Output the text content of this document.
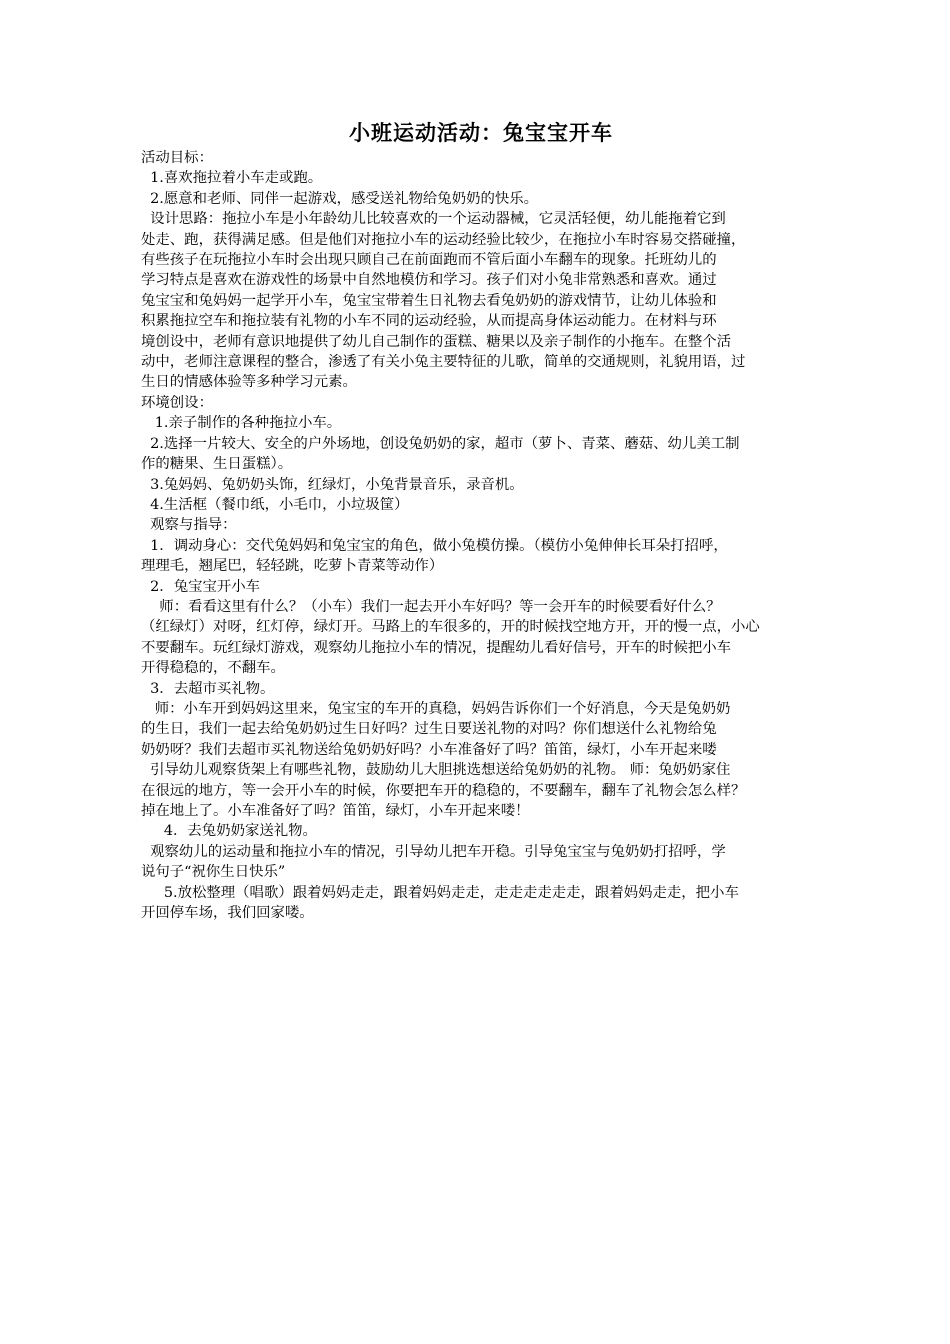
小班运动活动：兔宝宝开车

活动目标：

1.喜欢拖拉着小车走或跑。

2.愿意和老师、同伴一起游戏，感受送礼物给兔奶奶的快乐。

设计思路：拖拉小车是小年龄幼儿比较喜欢的一个运动器械，它灵活轻便，幼儿能拖着它到

处走、跑，获得满足感。但是他们对拖拉小车的运动经验比较少，在拖拉小车时容易交搭碰撞，

有些孩子在玩拖拉小车时会出现只顾自己在前面跑而不管后面小车翻车的现象。托班幼儿的

学习特点是喜欢在游戏性的场景中自然地模仿和学习。孩子们对小兔非常熟悉和喜欢。通过

兔宝宝和兔妈妈一起学开小车，兔宝宝带着生日礼物去看兔奶奶的游戏情节，让幼儿体验和

积累拖拉空车和拖拉装有礼物的小车不同的运动经验，从而提高身体运动能力。在材料与环

境创设中，老师有意识地提供了幼儿自己制作的蛋糕、糖果以及亲子制作的小拖车。在整个活

动中，老师注意课程的整合，渗透了有关小兔主要特征的儿歌，简单的交通规则，礼貌用语，过

生日的情感体验等多种学习元素。

环境创设：

1.亲子制作的各种拖拉小车。

2.选择一片较大、安全的户外场地，创设兔奶奶的家，超市（萝卜、青菜、蘑菇、幼儿美工制

作的糖果、生日蛋糕）。

3.兔妈妈、兔奶奶头饰，红绿灯，小兔背景音乐，录音机。

4.生活框（餐巾纸，小毛巾，小垃圾筐）

观察与指导：

1．调动身心：交代兔妈妈和兔宝宝的角色，做小兔模仿操。（模仿小兔伸伸长耳朵打招呼，

理理毛，翘尾巴，轻轻跳，吃萝卜青菜等动作）

2．兔宝宝开小车

师：看看这里有什么？（小车）我们一起去开小车好吗？等一会开车的时候要看好什么？

（红绿灯）对呀，红灯停，绿灯开。马路上的车很多的，开的时候找空地方开，开的慢一点，小心

不要翻车。玩红绿灯游戏，观察幼儿拖拉小车的情况，提醒幼儿看好信号，开车的时候把小车

开得稳稳的，不翻车。

3．去超市买礼物。

师：小车开到妈妈这里来，兔宝宝的车开的真稳，妈妈告诉你们一个好消息，今天是兔奶奶

的生日，我们一起去给兔奶奶过生日好吗？过生日要送礼物的对吗？你们想送什么礼物给兔

奶奶呀？我们去超市买礼物送给兔奶奶好吗？小车准备好了吗？笛笛，绿灯，小车开起来喽

引导幼儿观察货架上有哪些礼物，鼓励幼儿大胆挑选想送给兔奶奶的礼物。 师：兔奶奶家住

在很远的地方，等一会开小车的时候，你要把车开的稳稳的，不要翻车，翻车了礼物会怎么样？

掉在地上了。小车准备好了吗？笛笛，绿灯，小车开起来喽！

4．去兔奶奶家送礼物。

观察幼儿的运动量和拖拉小车的情况，引导幼儿把车开稳。引导兔宝宝与兔奶奶打招呼，学

说句子“祝你生日快乐”

5.放松整理（唱歌）跟着妈妈走走，跟着妈妈走走，走走走走走走，跟着妈妈走走，把小车

开回停车场，我们回家喽。
